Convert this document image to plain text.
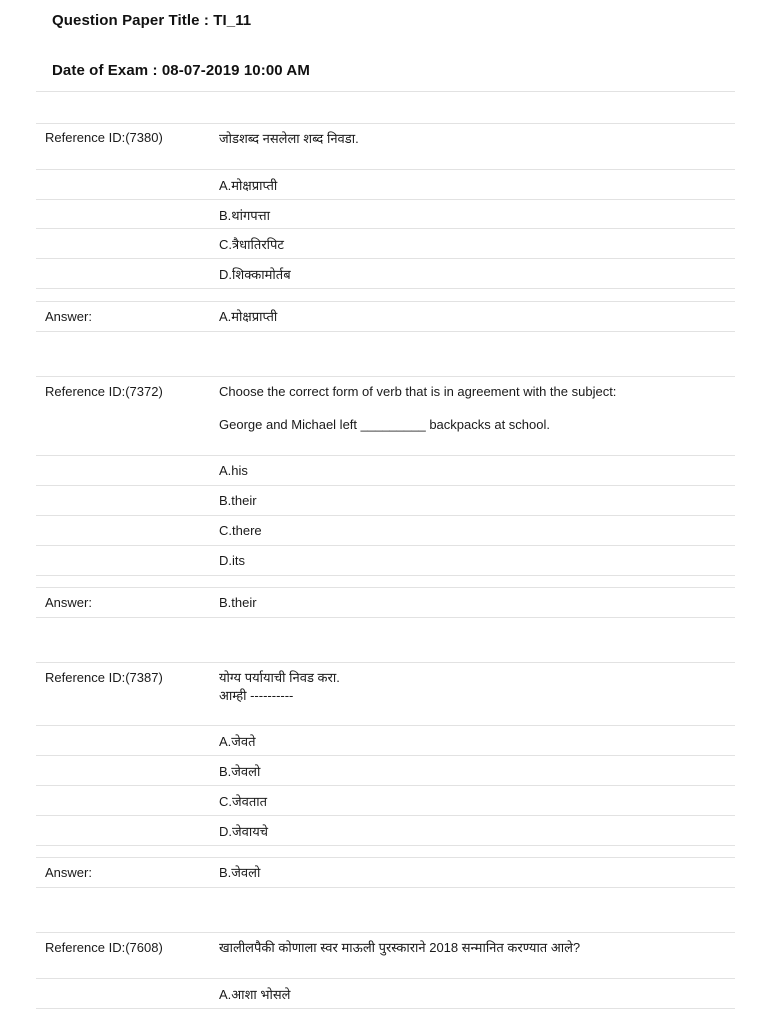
Question Paper Title : TI_11
Date of Exam : 08-07-2019 10:00 AM
Reference ID:(7380)	जोडशब्द नसलेला शब्द निवडा.
A.मोक्षप्राप्ती
B.थांगपत्ता
C.त्रैधातिरपिट
D.शिक्कामोर्तब
Answer:	A.मोक्षप्राप्ती
Reference ID:(7372)	Choose the correct form of verb that is in agreement with the subject:
George and Michael left _________ backpacks at school.
A.his
B.their
C.there
D.its
Answer:	B.their
Reference ID:(7387)	योग्य पर्यायाची निवड करा.
आम्ही ----------
A.जेवते
B.जेवलो
C.जेवतात
D.जेवायचे
Answer:	B.जेवलो
Reference ID:(7608)	खालीलपैकी कोणाला स्वर माऊली पुरस्काराने 2018 सन्मानित करण्यात आले?
A.आशा भोसले
